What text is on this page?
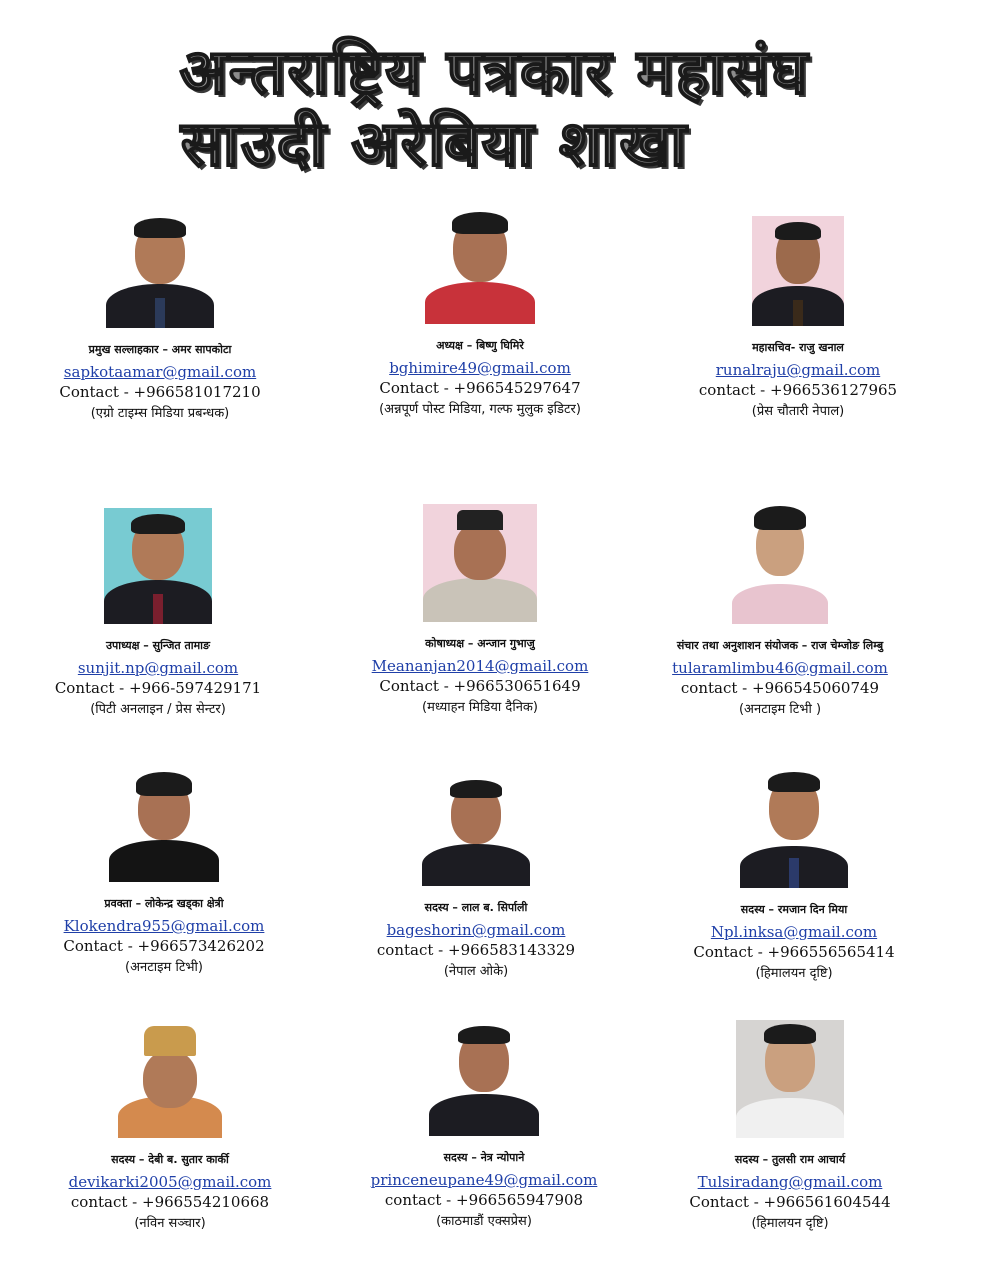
अन्तराष्ट्रिय पत्रकार महासंघ
साउदी अरेबिया शाखा
प्रमुख सल्लाहकार – अमर सापकोटा
sapkotaamar@gmail.com
Contact - +966581017210
(एग्रो टाइम्स मिडिया प्रबन्धक)
अध्यक्ष – बिष्णु घिमिरे
bghimire49@gmail.com
Contact - +966545297647
(अन्नपूर्ण पोस्ट मिडिया, गल्फ मुलुक इडिटर)
महासचिव- राजु खनाल
runalraju@gmail.com
contact - +966536127965
(प्रेस चौतारी नेपाल)
उपाध्यक्ष – सुन्जित तामाङ
sunjit.np@gmail.com
Contact - +966-597429171
(पिटी अनलाइन / प्रेस सेन्टर)
कोषाध्यक्ष – अन्जान गुभाजु
Meananjan2014@gmail.com
Contact - +966530651649
(मध्याहन मिडिया दैनिक)
संचार तथा अनुशाशन संयोजक – राज चेम्जोङ लिम्बु
tularamlimbu46@gmail.com
contact - +966545060749
(अनटाइम टिभी )
प्रवक्ता – लोकेन्द्र खड्का क्षेत्री
Klokendra955@gmail.com
Contact - +966573426202
(अनटाइम टिभी)
सदस्य – लाल ब. सिर्पाली
bageshorin@gmail.com
contact - +966583143329
(नेपाल ओके)
सदस्य – रमजान दिन मिया
Npl.inksa@gmail.com
Contact - +966556565414
(हिमालयन दृष्टि)
सदस्य – देबी ब. सुतार कार्की
devikarki2005@gmail.com
contact - +966554210668
(नविन सञ्चार)
सदस्य – नेत्र न्योपाने
princeneupane49@gmail.com
contact - +966565947908
(काठमाडौं एक्सप्रेस)
सदस्य – तुलसी राम आचार्य
Tulsiradang@gmail.com
Contact - +966561604544
(हिमालयन दृष्टि)
